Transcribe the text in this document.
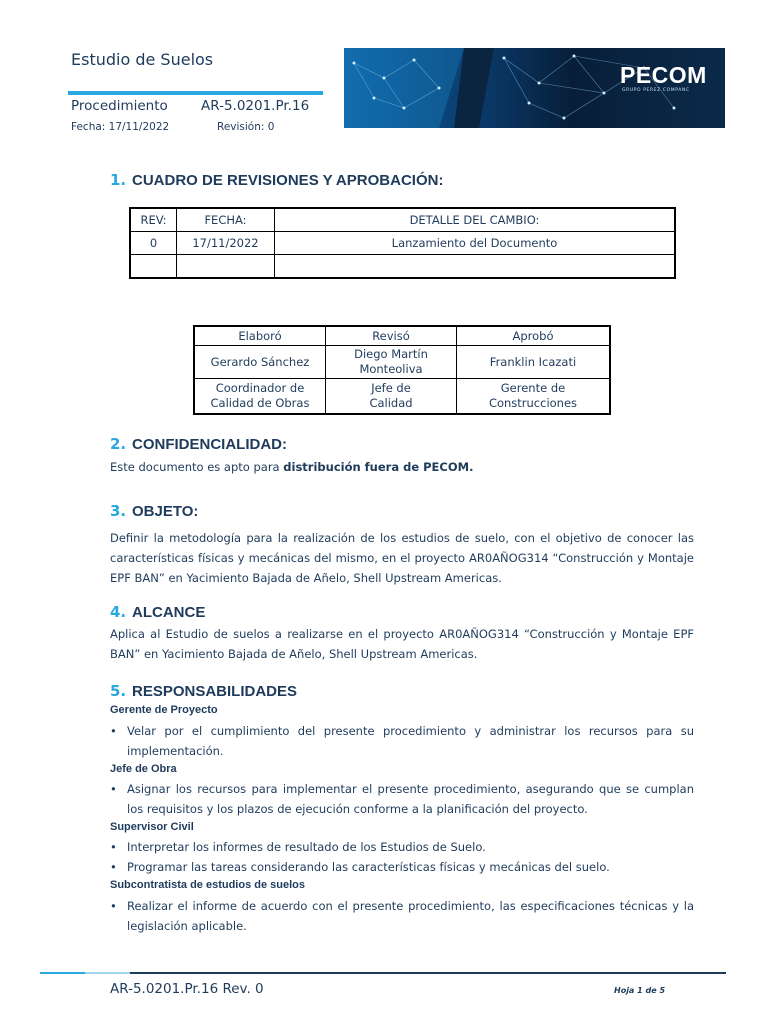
Estudio de Suelos
Procedimiento AR-5.0201.Pr.16
Fecha: 17/11/2022	Revisión: 0
PECOM
GRUPO PEREZ COMPANC
1. CUADRO DE REVISIONES Y APROBACIÓN:
REV:	FECHA:	DETALLE DEL CAMBIO:
0	17/11/2022	Lanzamiento del Documento

Elaboró	Revisó	Aprobó
Gerardo Sánchez	Diego Martín Monteoliva	Franklin Icazati
Coordinador de Calidad de Obras	Jefe de Calidad	Gerente de Construcciones
2. CONFIDENCIALIDAD:
Este documento es apto para distribución fuera de PECOM.
3. OBJETO:
Definir la metodología para la realización de los estudios de suelo, con el objetivo de conocer las características físicas y mecánicas del mismo, en el proyecto AR0AÑOG314 “Construcción y Montaje EPF BAN” en Yacimiento Bajada de Añelo, Shell Upstream Americas.
4. ALCANCE
Aplica al Estudio de suelos a realizarse en el proyecto AR0AÑOG314 “Construcción y Montaje EPF BAN” en Yacimiento Bajada de Añelo, Shell Upstream Americas.
5. RESPONSABILIDADES
Gerente de Proyecto
• Velar por el cumplimiento del presente procedimiento y administrar los recursos para su implementación.
Jefe de Obra
• Asignar los recursos para implementar el presente procedimiento, asegurando que se cumplan los requisitos y los plazos de ejecución conforme a la planificación del proyecto.
Supervisor Civil
• Interpretar los informes de resultado de los Estudios de Suelo.
• Programar las tareas considerando las características físicas y mecánicas del suelo.
Subcontratista de estudios de suelos
• Realizar el informe de acuerdo con el presente procedimiento, las especificaciones técnicas y la legislación aplicable.
AR-5.0201.Pr.16 Rev. 0	Hoja 1 de 5
